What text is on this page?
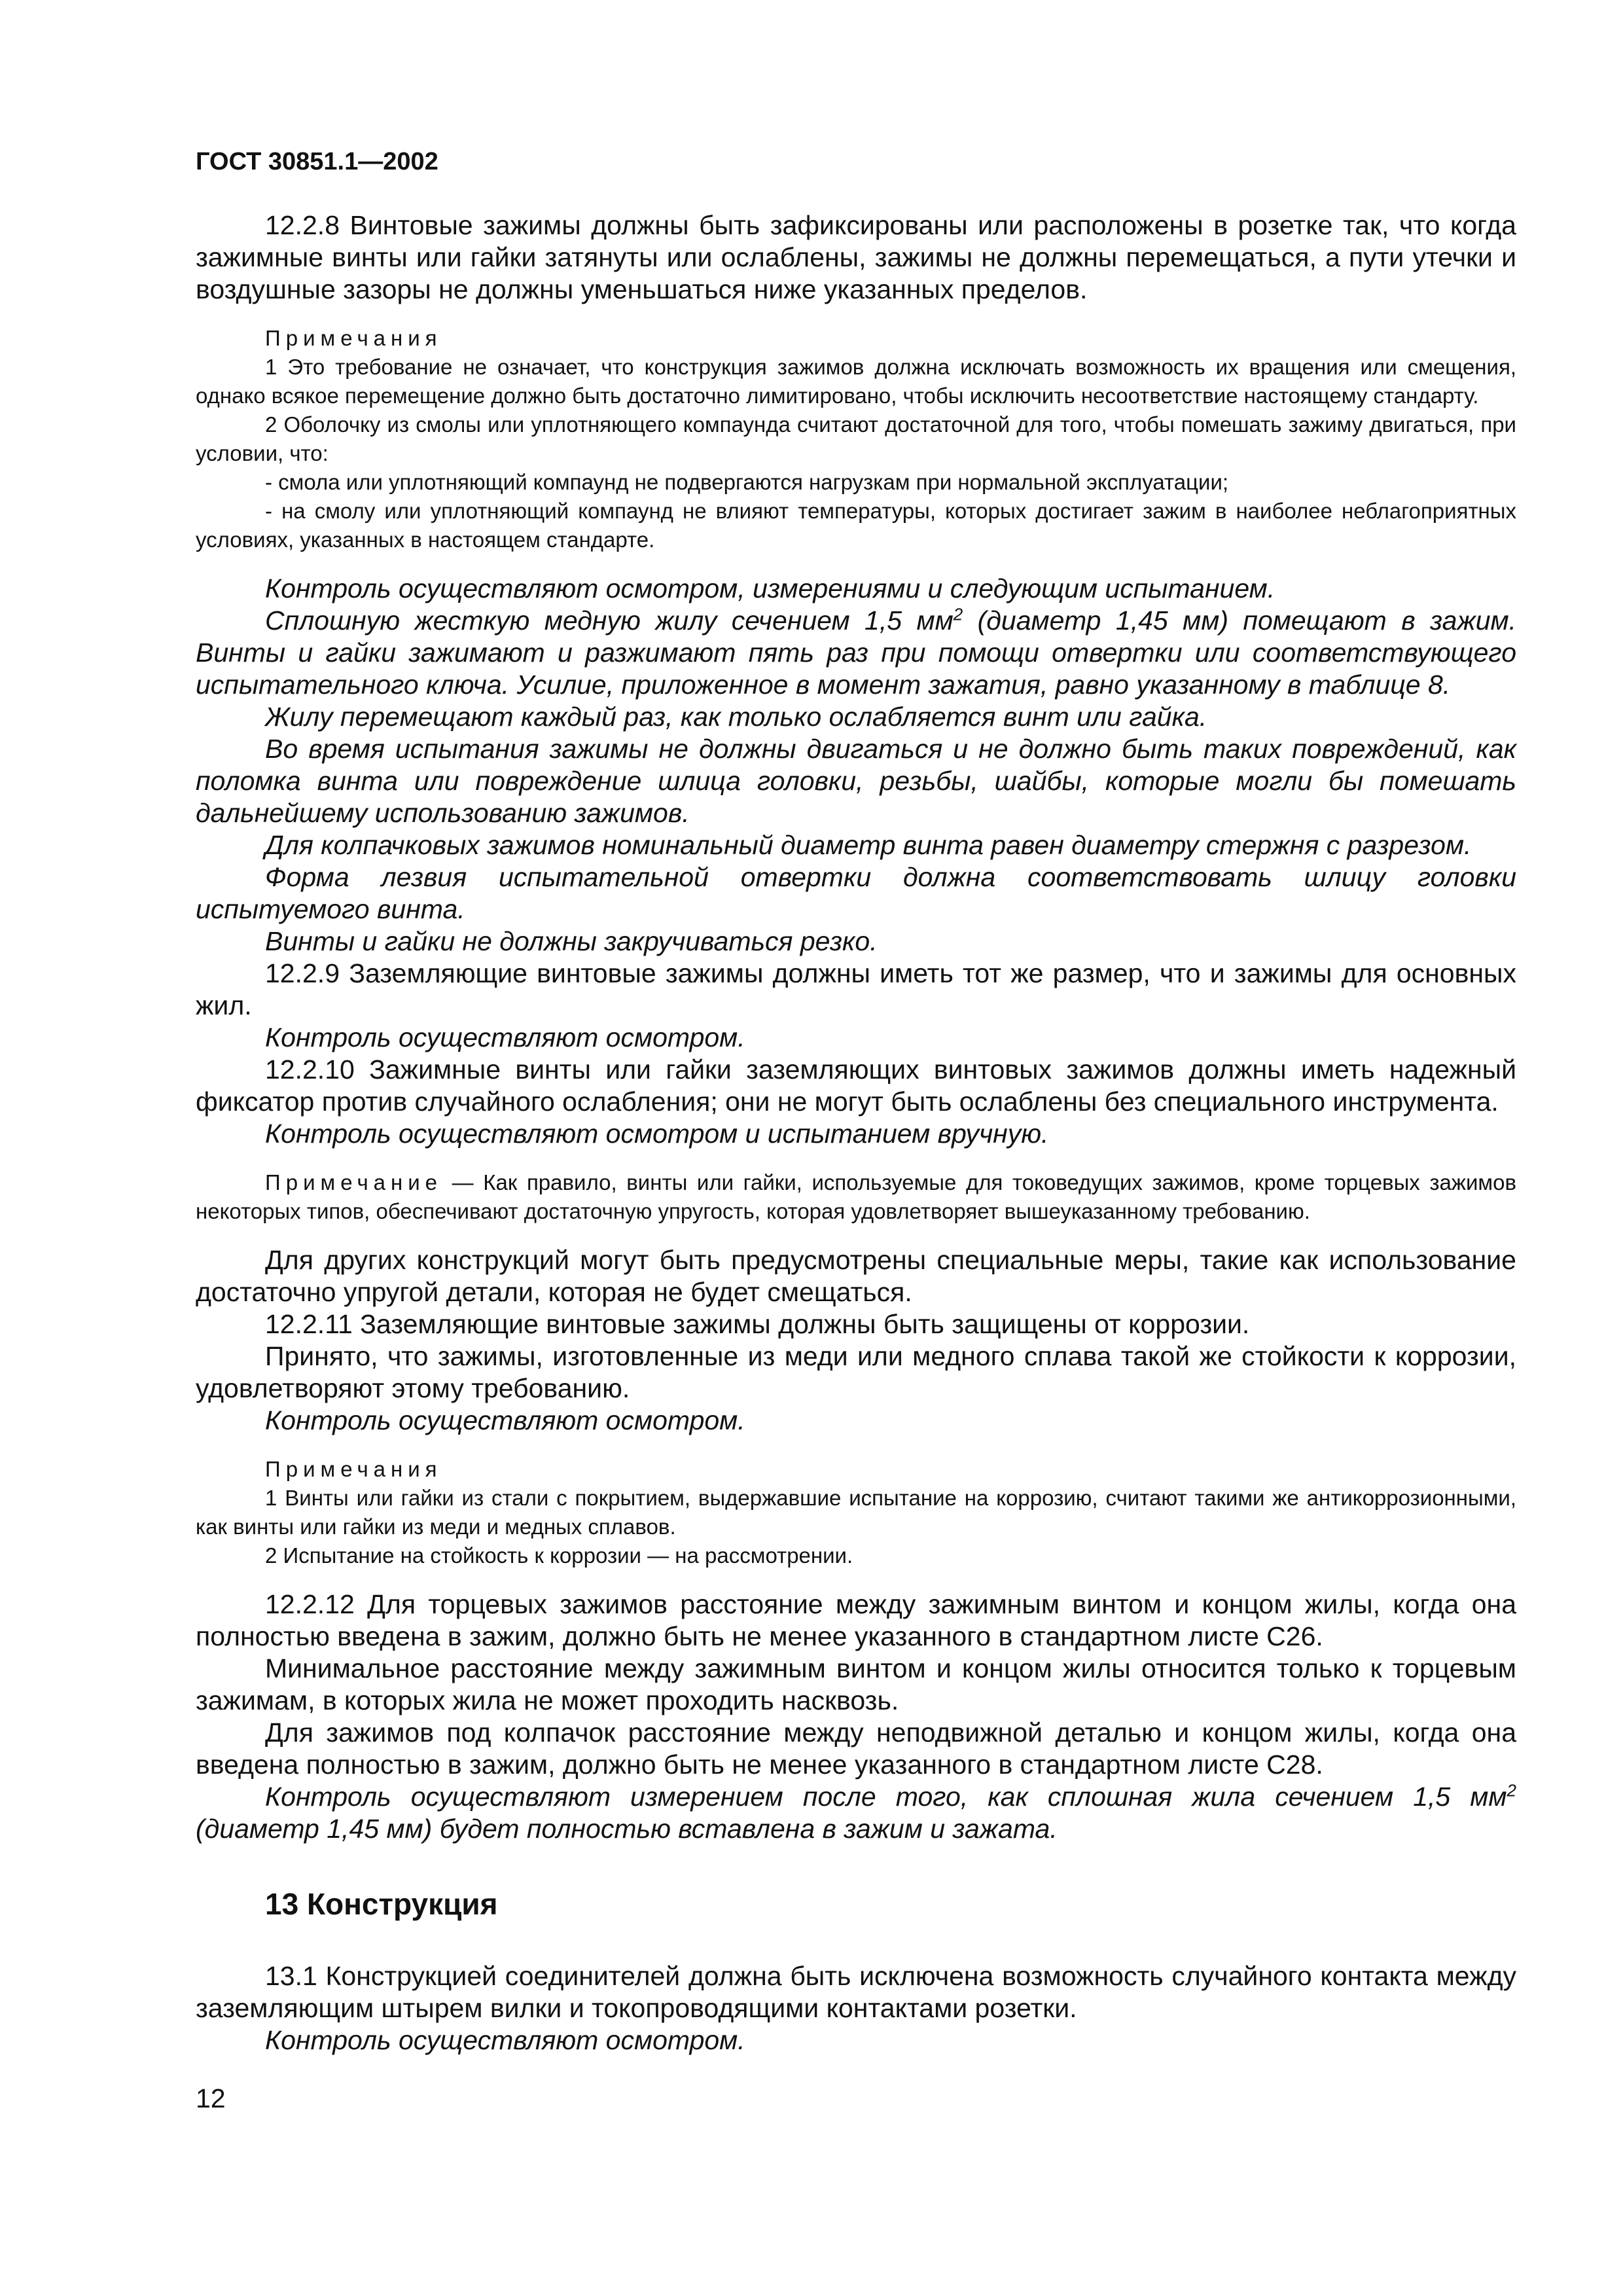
ГОСТ 30851.1—2002

12.2.8 Винтовые зажимы должны быть зафиксированы или расположены в розетке так, что когда зажимные винты или гайки затянуты или ослаблены, зажимы не должны перемещаться, а пути утечки и воздушные зазоры не должны уменьшаться ниже указанных пределов.

Примечания

1 Это требование не означает, что конструкция зажимов должна исключать возможность их вращения или смещения, однако всякое перемещение должно быть достаточно лимитировано, чтобы исключить несоответствие настоящему стандарту.

2 Оболочку из смолы или уплотняющего компаунда считают достаточной для того, чтобы помешать зажиму двигаться, при условии, что:

- смола или уплотняющий компаунд не подвергаются нагрузкам при нормальной эксплуатации;

- на смолу или уплотняющий компаунд не влияют температуры, которых достигает зажим в наиболее неблагоприятных условиях, указанных в настоящем стандарте.

Контроль осуществляют осмотром, измерениями и следующим испытанием.

Сплошную жесткую медную жилу сечением 1,5 $мм^2$ (диаметр 1,45 мм) помещают в зажим. Винты и гайки зажимают и разжимают пять раз при помощи отвертки или соответствующего испытательного ключа. Усилие, приложенное в момент зажатия, равно указанному в таблице 8.

Жилу перемещают каждый раз, как только ослабляется винт или гайка.

Во время испытания зажимы не должны двигаться и не должно быть таких повреждений, как поломка винта или повреждение шлица головки, резьбы, шайбы, которые могли бы помешать дальнейшему использованию зажимов.

Для колпачковых зажимов номинальный диаметр винта равен диаметру стержня с разрезом.

Форма лезвия испытательной отвертки должна соответствовать шлицу головки испытуемого винта.

Винты и гайки не должны закручиваться резко.

12.2.9 Заземляющие винтовые зажимы должны иметь тот же размер, что и зажимы для основных жил.

Контроль осуществляют осмотром.

12.2.10 Зажимные винты или гайки заземляющих винтовых зажимов должны иметь надежный фиксатор против случайного ослабления; они не могут быть ослаблены без специального инструмента.

Контроль осуществляют осмотром и испытанием вручную.

Примечание — Как правило, винты или гайки, используемые для токоведущих зажимов, кроме торцевых зажимов некоторых типов, обеспечивают достаточную упругость, которая удовлетворяет вышеуказанному требованию.

Для других конструкций могут быть предусмотрены специальные меры, такие как использование достаточно упругой детали, которая не будет смещаться.

12.2.11 Заземляющие винтовые зажимы должны быть защищены от коррозии.

Принято, что зажимы, изготовленные из меди или медного сплава такой же стойкости к коррозии, удовлетворяют этому требованию.

Контроль осуществляют осмотром.

Примечания

1 Винты или гайки из стали с покрытием, выдержавшие испытание на коррозию, считают такими же антикоррозионными, как винты или гайки из меди и медных сплавов.

2 Испытание на стойкость к коррозии — на рассмотрении.

12.2.12 Для торцевых зажимов расстояние между зажимным винтом и концом жилы, когда она полностью введена в зажим, должно быть не менее указанного в стандартном листе С26.

Минимальное расстояние между зажимным винтом и концом жилы относится только к торцевым зажимам, в которых жила не может проходить насквозь.

Для зажимов под колпачок расстояние между неподвижной деталью и концом жилы, когда она введена полностью в зажим, должно быть не менее указанного в стандартном листе С28.

Контроль осуществляют измерением после того, как сплошная жила сечением 1,5 $мм^2$ (диаметр 1,45 мм) будет полностью вставлена в зажим и зажата.

13 Конструкция

13.1 Конструкцией соединителей должна быть исключена возможность случайного контакта между заземляющим штырем вилки и токопроводящими контактами розетки.

Контроль осуществляют осмотром.

12
